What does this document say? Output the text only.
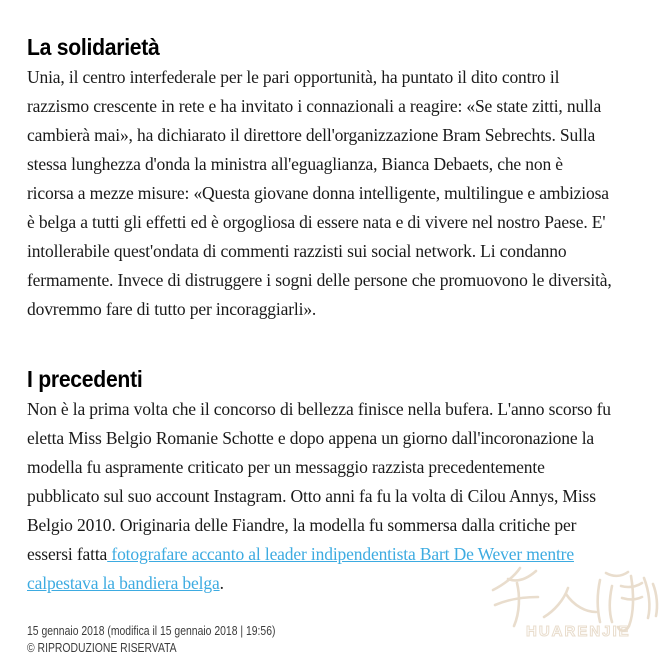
La solidarietà

Unia, il centro interfederale per le pari opportunità, ha puntato il dito contro il razzismo crescente in rete e ha invitato i connazionali a reagire: «Se state zitti, nulla cambierà mai», ha dichiarato il direttore dell'organizzazione Bram Sebrechts. Sulla stessa lunghezza d'onda la ministra all'eguaglianza, Bianca Debaets, che non è ricorsa a mezze misure: «Questa giovane donna intelligente, multilingue e ambiziosa è belga a tutti gli effetti ed è orgogliosa di essere nata e di vivere nel nostro Paese. E' intollerabile quest'ondata di commenti razzisti sui social network. Li condanno fermamente. Invece di distruggere i sogni delle persone che promuovono le diversità, dovremmo fare di tutto per incoraggiarli».

I precedenti

Non è la prima volta che il concorso di bellezza finisce nella bufera. L'anno scorso fu eletta Miss Belgio Romanie Schotte e dopo appena un giorno dall'incoronazione la modella fu aspramente criticato per un messaggio razzista precedentemente pubblicato sul suo account Instagram. Otto anni fa fu la volta di Cilou Annys, Miss Belgio 2010. Originaria delle Fiandre, la modella fu sommersa dalla critiche per essersi fatta fotografare accanto al leader indipendentista Bart De Wever mentre calpestava la bandiera belga.

15 gennaio 2018 (modifica il 15 gennaio 2018 | 19:56)
© RIPRODUZIONE RISERVATA
HUARENJIE
